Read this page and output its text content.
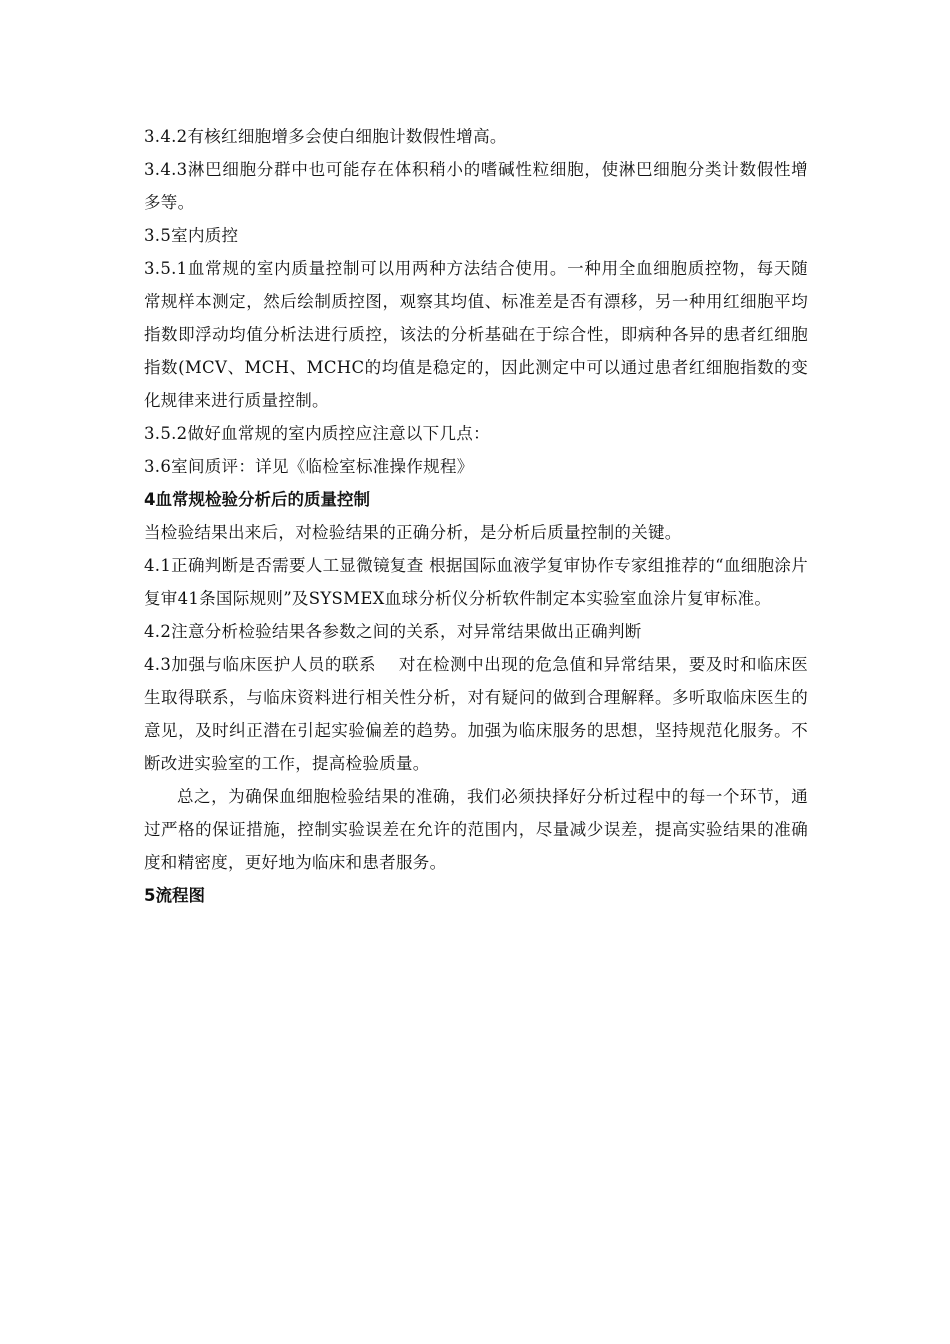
3.4.2有核红细胞增多会使白细胞计数假性增高。

3.4.3淋巴细胞分群中也可能存在体积稍小的嗜碱性粒细胞，使淋巴细胞分类计数假性增多等。

3.5室内质控

3.5.1血常规的室内质量控制可以用两种方法结合使用。一种用全血细胞质控物，每天随常规样本测定，然后绘制质控图，观察其均值、标准差是否有漂移，另一种用红细胞平均指数即浮动均值分析法进行质控，该法的分析基础在于综合性，即病种各异的患者红细胞指数(MCV、MCH、MCHC的均值是稳定的，因此测定中可以通过患者红细胞指数的变化规律来进行质量控制。

3.5.2做好血常规的室内质控应注意以下几点：

3.6室间质评：详见《临检室标准操作规程》

4血常规检验分析后的质量控制

当检验结果出来后，对检验结果的正确分析，是分析后质量控制的关键。

4.1正确判断是否需要人工显微镜复查 根据国际血液学复审协作专家组推荐的“血细胞涂片复审41条国际规则”及SYSMEX血球分析仪分析软件制定本实验室血涂片复审标准。

4.2注意分析检验结果各参数之间的关系，对异常结果做出正确判断

4.3加强与临床医护人员的联系　 对在检测中出现的危急值和异常结果，要及时和临床医生取得联系，与临床资料进行相关性分析，对有疑问的做到合理解释。多听取临床医生的意见，及时纠正潜在引起实验偏差的趋势。加强为临床服务的思想，坚持规范化服务。不断改进实验室的工作，提高检验质量。

总之，为确保血细胞检验结果的准确，我们必须抉择好分析过程中的每一个环节，通过严格的保证措施，控制实验误差在允许的范围内，尽量减少误差，提高实验结果的准确度和精密度，更好地为临床和患者服务。

5流程图
